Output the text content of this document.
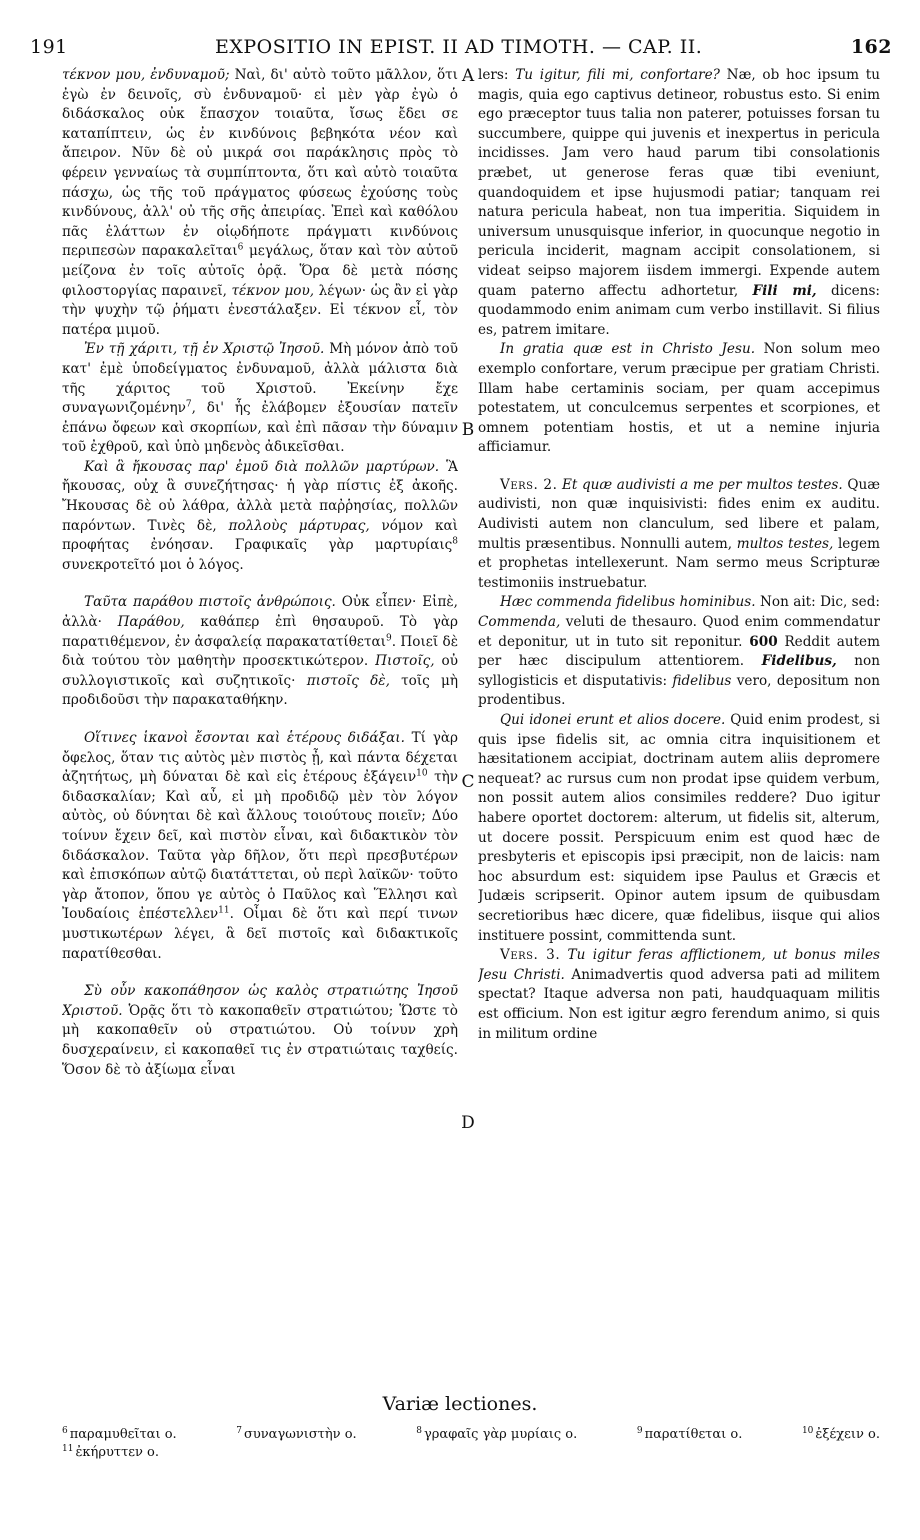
191	EXPOSITIO IN EPIST. II AD TIMOTH. — CAP. II.	162
A
B
C
D

τέκνον μου, ἐνδυναμοῦ; Ναὶ, δι' αὐτὸ τοῦτο μᾶλλον, ὅτι ἐγὼ ἐν δεινοῖς, σὺ ἐνδυναμοῦ· εἰ μὲν γὰρ ἐγὼ ὁ διδάσκαλος οὐκ ἔπασχον τοιαῦτα, ἴσως ἔδει σε καταπίπτειν, ὡς ἐν κινδύνοις βεβηκότα νέον καὶ ἄπειρον. Νῦν δὲ οὐ μικρά σοι παράκλησις πρὸς τὸ φέρειν γενναίως τὰ συμπίπτοντα, ὅτι καὶ αὐτὸ τοιαῦτα πάσχω, ὡς τῆς τοῦ πράγματος φύσεως ἐχούσης τοὺς κινδύνους, ἀλλ' οὐ τῆς σῆς ἀπειρίας. Ἐπεὶ καὶ καθόλου πᾶς ἐλάττων ἐν οἱῳδήποτε πράγματι κινδύνοις περιπεσὼν παρακαλεῖται$^6$ μεγάλως, ὅταν καὶ τὸν αὐτοῦ μείζονα ἐν τοῖς αὐτοῖς ὁρᾷ. Ὅρα δὲ μετὰ πόσης φιλοστοργίας παραινεῖ, τέκνον μου, λέγων· ὡς ἂν εἰ γὰρ τὴν ψυχὴν τῷ ῥήματι ἐνεστάλαξεν. Εἰ τέκνον εἶ, τὸν πατέρα μιμοῦ.

Ἐν τῇ χάριτι, τῇ ἐν Χριστῷ Ἰησοῦ. Μὴ μόνον ἀπὸ τοῦ κατ' ἐμὲ ὑποδείγματος ἐνδυναμοῦ, ἀλλὰ μάλιστα διὰ τῆς χάριτος τοῦ Χριστοῦ. Ἐκείνην ἔχε συναγωνιζομένην$^7$, δι' ἧς ἐλάβομεν ἐξουσίαν πατεῖν ἐπάνω ὄφεων καὶ σκορπίων, καὶ ἐπὶ πᾶσαν τὴν δύναμιν τοῦ ἐχθροῦ, καὶ ὑπὸ μηδενὸς ἀδικεῖσθαι.

Καὶ ἃ ἤκουσας παρ' ἐμοῦ διὰ πολλῶν μαρτύρων. Ἃ ἤκουσας, οὐχ ἃ συνεζήτησας· ἡ γὰρ πίστις ἐξ ἀκοῆς. Ἤκουσας δὲ οὐ λάθρα, ἀλλὰ μετὰ παῤῥησίας, πολλῶν παρόντων. Τινὲς δὲ, πολλοὺς μάρτυρας, νόμον καὶ προφήτας ἐνόησαν. Γραφικαῖς γὰρ μαρτυρίαις$^8$ συνεκροτεῖτό μοι ὁ λόγος.

Ταῦτα παράθου πιστοῖς ἀνθρώποις. Οὐκ εἶπεν· Εἰπὲ, ἀλλὰ· Παράθου, καθάπερ ἐπὶ θησαυροῦ. Τὸ γὰρ παρατιθέμενον, ἐν ἀσφαλείᾳ παρακατατίθεται$^9$. Ποιεῖ δὲ διὰ τούτου τὸν μαθητὴν προσεκτικώτερον. Πιστοῖς, οὐ συλλογιστικοῖς καὶ συζητικοῖς· πιστοῖς δὲ, τοῖς μὴ προδιδοῦσι τὴν παρακαταθήκην.

Οἵτινες ἱκανοὶ ἔσονται καὶ ἑτέρους διδάξαι. Τί γὰρ ὄφελος, ὅταν τις αὐτὸς μὲν πιστὸς ᾖ, καὶ πάντα δέχεται ἀζητήτως, μὴ δύναται δὲ καὶ εἰς ἑτέρους ἐξάγειν$^{10}$ τὴν διδασκαλίαν; Καὶ αὖ, εἰ μὴ προδιδῷ μὲν τὸν λόγον αὐτὸς, οὐ δύνηται δὲ καὶ ἄλλους τοιούτους ποιεῖν; Δύο τοίνυν ἔχειν δεῖ, καὶ πιστὸν εἶναι, καὶ διδακτικὸν τὸν διδάσκαλον. Ταῦτα γὰρ δῆλον, ὅτι περὶ πρεσβυτέρων καὶ ἐπισκόπων αὐτῷ διατάττεται, οὐ περὶ λαϊκῶν· τοῦτο γὰρ ἄτοπον, ὅπου γε αὐτὸς ὁ Παῦλος καὶ Ἕλλησι καὶ Ἰουδαίοις ἐπέστελλεν$^{11}$. Οἶμαι δὲ ὅτι καὶ περί τινων μυστικωτέρων λέγει, ἃ δεῖ πιστοῖς καὶ διδακτικοῖς παρατίθεσθαι.

Σὺ οὖν κακοπάθησον ὡς καλὸς στρατιώτης Ἰησοῦ Χριστοῦ. Ὁρᾷς ὅτι τὸ κακοπαθεῖν στρατιώτου; Ὥστε τὸ μὴ κακοπαθεῖν οὐ στρατιώτου. Οὐ τοίνυν χρὴ δυσχεραίνειν, εἰ κακοπαθεῖ τις ἐν στρατιώταις ταχθείς. Ὅσον δὲ τὸ ἀξίωμα εἶναι

lers: Tu igitur, fili mi, confortare? Næ, ob hoc ipsum tu magis, quia ego captivus detineor, robustus esto. Si enim ego præceptor tuus talia non paterer, potuisses forsan tu succumbere, quippe qui juvenis et inexpertus in pericula incidisses. Jam vero haud parum tibi consolationis præbet, ut generose feras quæ tibi eveniunt, quandoquidem et ipse hujusmodi patiar; tanquam rei natura pericula habeat, non tua imperitia. Siquidem in universum unusquisque inferior, in quocunque negotio in pericula inciderit, magnam accipit consolationem, si videat seipso majorem iisdem immergi. Expende autem quam paterno affectu adhortetur, Fili mi, dicens: quodammodo enim animam cum verbo instillavit. Si filius es, patrem imitare.

In gratia quæ est in Christo Jesu. Non solum meo exemplo confortare, verum præcipue per gratiam Christi. Illam habe certaminis sociam, per quam accepimus potestatem, ut conculcemus serpentes et scorpiones, et omnem potentiam hostis, et ut a nemine injuria afficiamur.

Vers. 2. Et quæ audivisti a me per multos testes. Quæ audivisti, non quæ inquisivisti: fides enim ex auditu. Audivisti autem non clanculum, sed libere et palam, multis præsentibus. Nonnulli autem, multos testes, legem et prophetas intellexerunt. Nam sermo meus Scripturæ testimoniis instruebatur.

Hæc commenda fidelibus hominibus. Non ait: Dic, sed: Commenda, veluti de thesauro. Quod enim commendatur et deponitur, ut in tuto sit reponitur. 600 Reddit autem per hæc discipulum attentiorem. Fidelibus, non syllogisticis et disputativis: fidelibus vero, depositum non prodentibus.

Qui idonei erunt et alios docere. Quid enim prodest, si quis ipse fidelis sit, ac omnia citra inquisitionem et hæsitationem accipiat, doctrinam autem aliis depromere nequeat? ac rursus cum non prodat ipse quidem verbum, non possit autem alios consimiles reddere? Duo igitur habere oportet doctorem: alterum, ut fidelis sit, alterum, ut docere possit. Perspicuum enim est quod hæc de presbyteris et episcopis ipsi præcipit, non de laicis: nam hoc absurdum est: siquidem ipse Paulus et Græcis et Judæis scripserit. Opinor autem ipsum de quibusdam secretioribus hæc dicere, quæ fidelibus, iisque qui alios instituere possint, committenda sunt.

Vers. 3. Tu igitur feras afflictionem, ut bonus miles Jesu Christi. Animadvertis quod adversa pati ad militem spectat? Itaque adversa non pati, haudquaquam militis est officium. Non est igitur ægro ferendum animo, si quis in militum ordine

Variæ lectiones.
$^6$ παραμυθεῖται ο.	$^7$ συναγωνιστὴν ο.	$^8$ γραφαῖς γὰρ μυρίαις ο.	$^9$ παρατίθεται ο.	$^{10}$ ἐξέχειν ο.
$^{11}$ ἐκήρυττεν ο.
